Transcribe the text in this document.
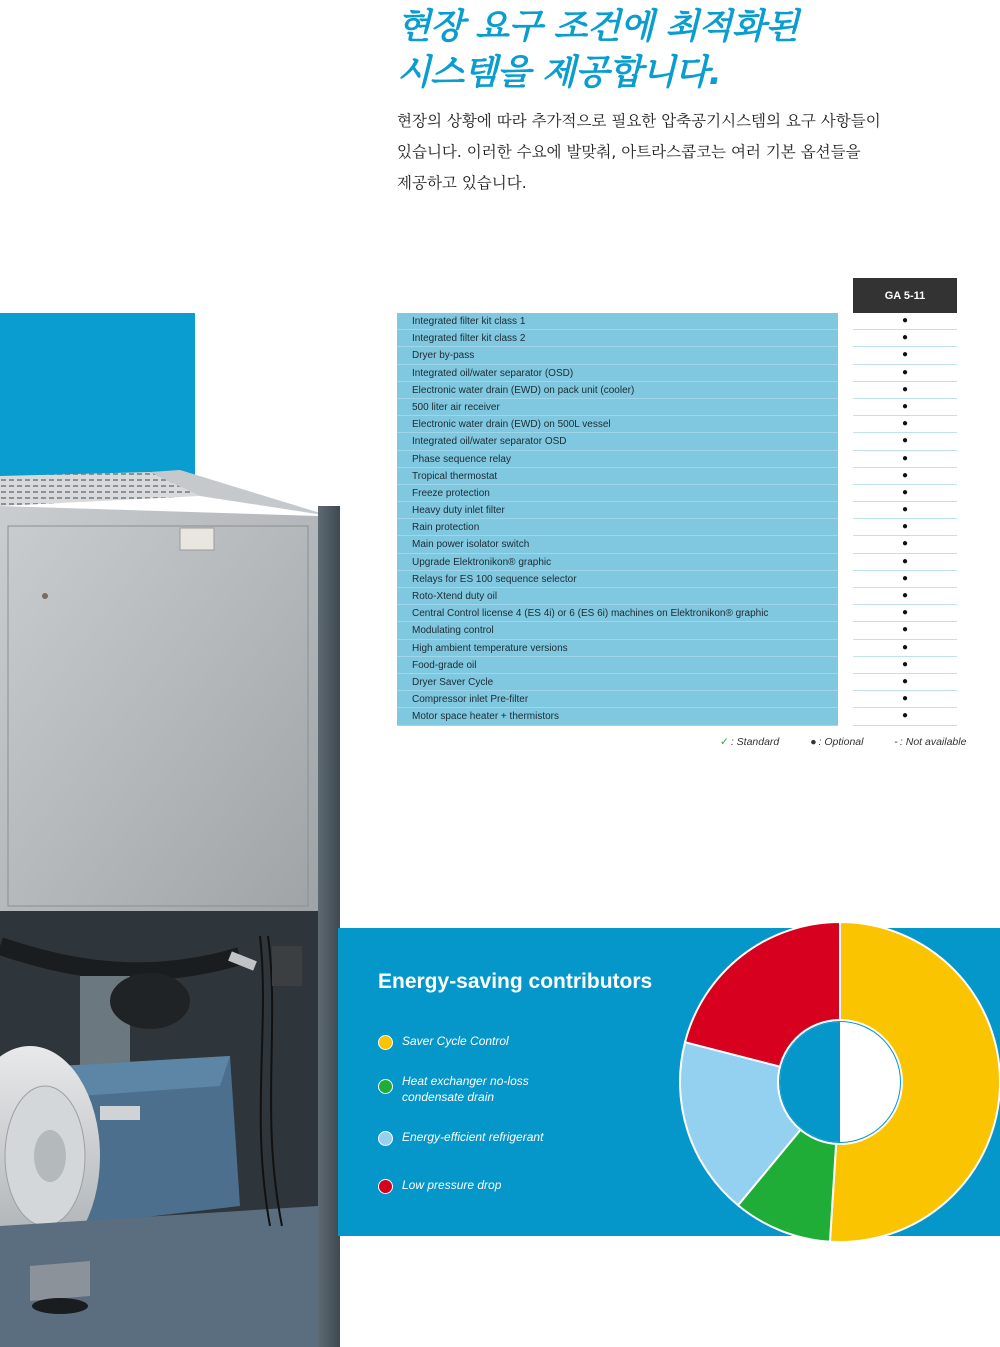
현장 요구 조건에 최적화된
시스템을 제공합니다.
현장의 상황에 따라 추가적으로 필요한 압축공기시스템의 요구 사항들이
있습니다. 이러한 수요에 발맞춰, 아트라스콥코는 여러 기본 옵션들을
제공하고 있습니다.
GA 5-11
Integrated filter kit class 1	●
Integrated filter kit class 2	●
Dryer by-pass	●
Integrated oil/water separator (OSD)	●
Electronic water drain (EWD) on pack unit (cooler)	●
500 liter air receiver	●
Electronic water drain (EWD) on 500L vessel	●
Integrated oil/water separator OSD	●
Phase sequence relay	●
Tropical thermostat	●
Freeze protection	●
Heavy duty inlet filter	●
Rain protection	●
Main power isolator switch	●
Upgrade Elektronikon® graphic	●
Relays for ES 100 sequence selector	●
Roto-Xtend duty oil	●
Central Control license 4 (ES 4i) or 6 (ES 6i) machines on Elektronikon® graphic	●
Modulating control	●
High ambient temperature versions	●
Food-grade oil	●
Dryer Saver Cycle	●
Compressor inlet Pre-filter	●
Motor space heater + thermistors	●
✓ : Standard	● : Optional	- : Not available
Energy-saving contributors
Saver Cycle Control
Heat exchanger no-loss condensate drain
Energy-efficient refrigerant
Low pressure drop
